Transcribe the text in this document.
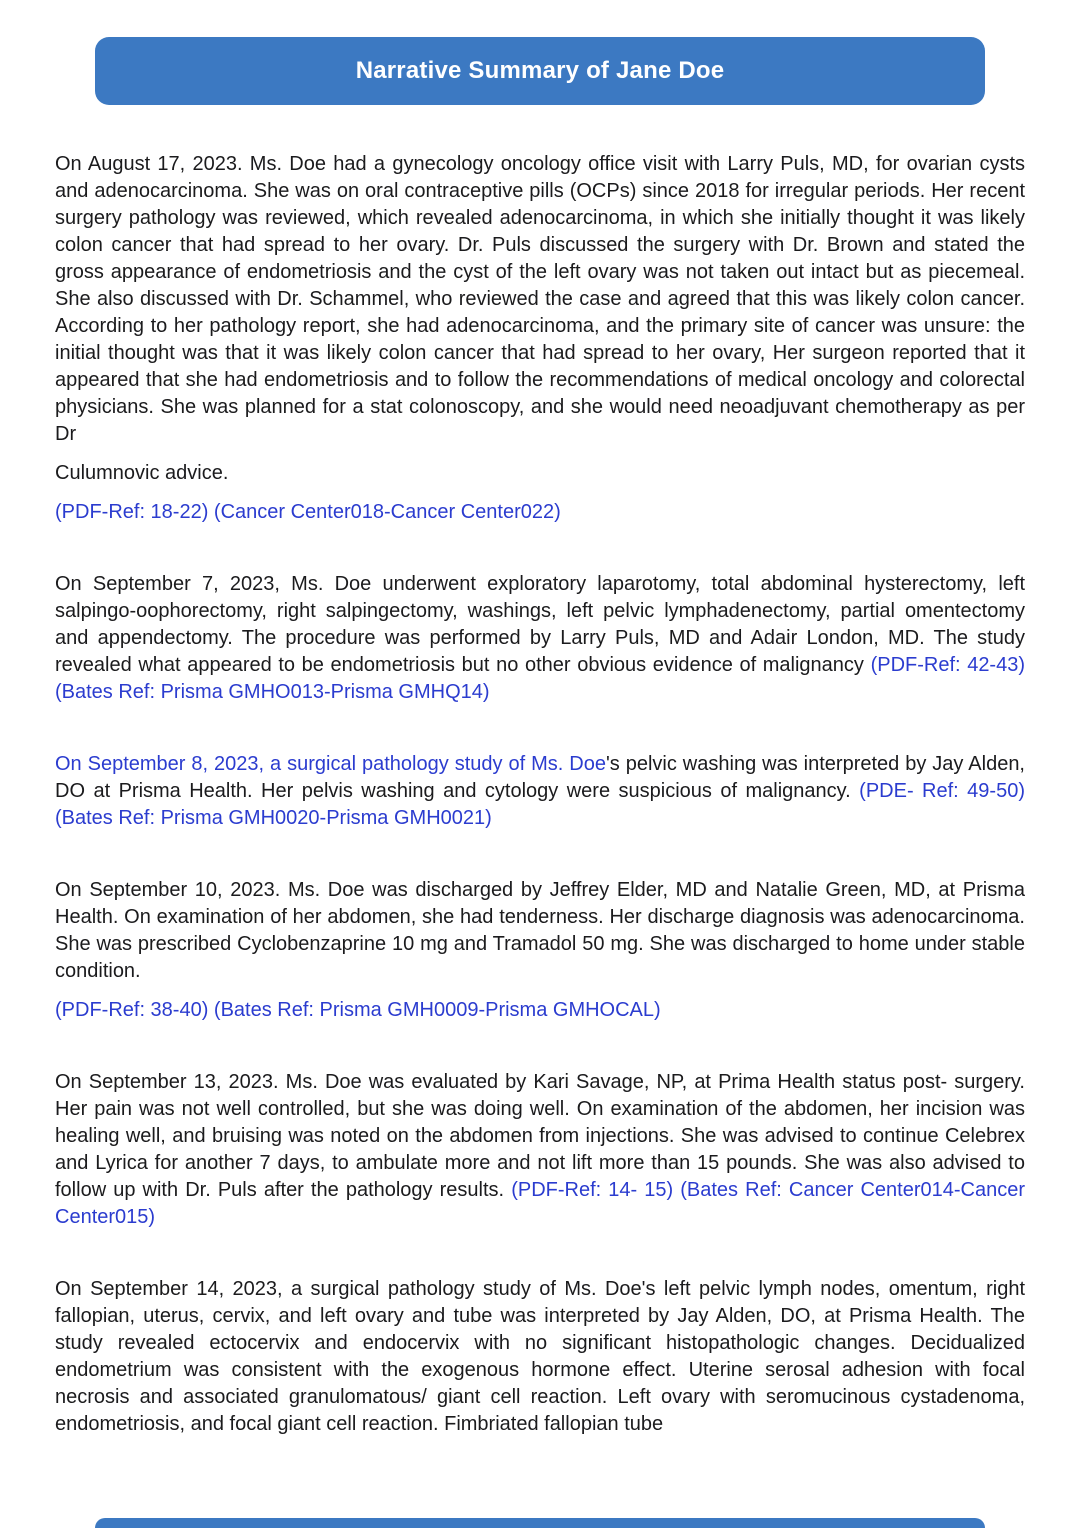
Narrative Summary of Jane Doe

On August 17, 2023. Ms. Doe had a gynecology oncology office visit with Larry Puls, MD, for ovarian cysts and adenocarcinoma. She was on oral contraceptive pills (OCPs) since 2018 for irregular periods. Her recent surgery pathology was reviewed, which revealed adenocarcinoma, in which she initially thought it was likely colon cancer that had spread to her ovary. Dr. Puls discussed the surgery with Dr. Brown and stated the gross appearance of endometriosis and the cyst of the left ovary was not taken out intact but as piecemeal. She also discussed with Dr. Schammel, who reviewed the case and agreed that this was likely colon cancer. According to her pathology report, she had adenocarcinoma, and the primary site of cancer was unsure: the initial thought was that it was likely colon cancer that had spread to her ovary, Her surgeon reported that it appeared that she had endometriosis and to follow the recommendations of medical oncology and colorectal physicians. She was planned for a stat colonoscopy, and she would need neoadjuvant chemotherapy as per Dr

Culumnovic advice.

(PDF-Ref: 18-22) (Cancer Center018-Cancer Center022)

On September 7, 2023, Ms. Doe underwent exploratory laparotomy, total abdominal hysterectomy, left salpingo-oophorectomy, right salpingectomy, washings, left pelvic lymphadenectomy, partial omentectomy and appendectomy. The procedure was performed by Larry Puls, MD and Adair London, MD. The study revealed what appeared to be endometriosis but no other obvious evidence of malignancy (PDF-Ref: 42-43) (Bates Ref: Prisma GMHO013-Prisma GMHQ14)

On September 8, 2023, a surgical pathology study of Ms. Doe's pelvic washing was interpreted by Jay Alden, DO at Prisma Health. Her pelvis washing and cytology were suspicious of malignancy. (PDE- Ref: 49-50) (Bates Ref: Prisma GMH0020-Prisma GMH0021)

On September 10, 2023. Ms. Doe was discharged by Jeffrey Elder, MD and Natalie Green, MD, at Prisma Health. On examination of her abdomen, she had tenderness. Her discharge diagnosis was adenocarcinoma. She was prescribed Cyclobenzaprine 10 mg and Tramadol 50 mg. She was discharged to home under stable condition.

(PDF-Ref: 38-40) (Bates Ref: Prisma GMH0009-Prisma GMHOCAL)

On September 13, 2023. Ms. Doe was evaluated by Kari Savage, NP, at Prima Health status post- surgery. Her pain was not well controlled, but she was doing well. On examination of the abdomen, her incision was healing well, and bruising was noted on the abdomen from injections. She was advised to continue Celebrex and Lyrica for another 7 days, to ambulate more and not lift more than 15 pounds. She was also advised to follow up with Dr. Puls after the pathology results. (PDF-Ref: 14- 15) (Bates Ref: Cancer Center014-Cancer Center015)

On September 14, 2023, a surgical pathology study of Ms. Doe's left pelvic lymph nodes, omentum, right fallopian, uterus, cervix, and left ovary and tube was interpreted by Jay Alden, DO, at Prisma Health. The study revealed ectocervix and endocervix with no significant histopathologic changes. Decidualized endometrium was consistent with the exogenous hormone effect. Uterine serosal adhesion with focal necrosis and associated granulomatous/ giant cell reaction. Left ovary with seromucinous cystadenoma, endometriosis, and focal giant cell reaction. Fimbriated fallopian tube
